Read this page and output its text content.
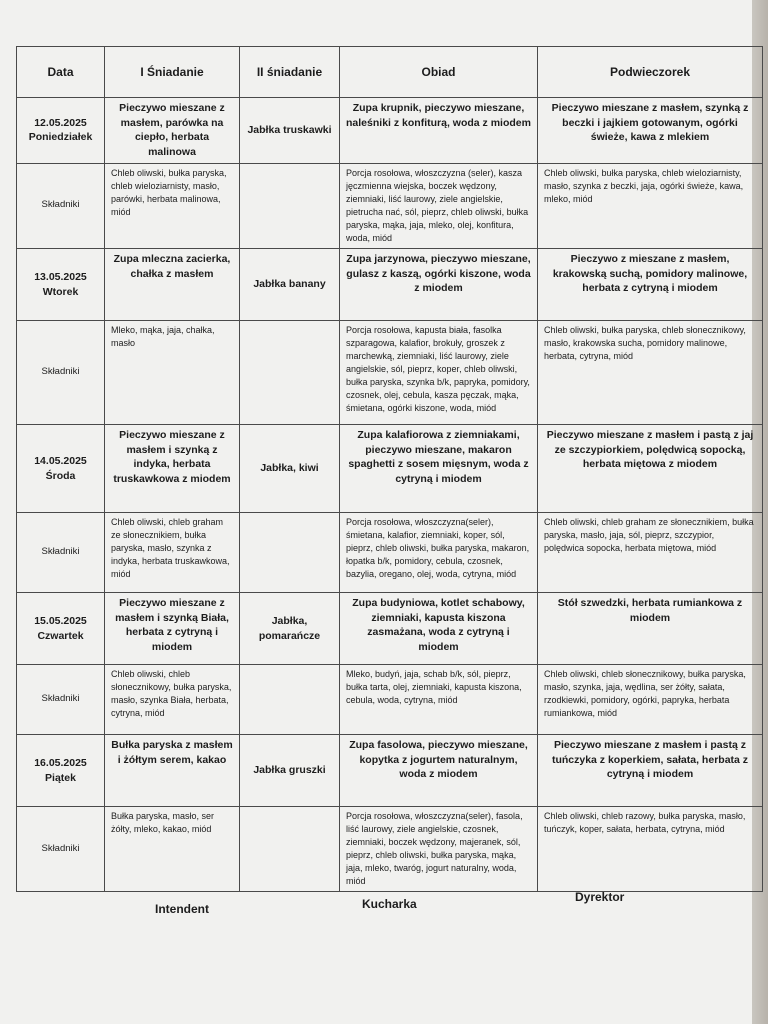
Data	I Śniadanie	II śniadanie	Obiad	Podwieczorek

12.05.2025
Poniedziałek	Pieczywo mieszane z masłem, parówka na ciepło, herbata malinowa	Jabłka truskawki	Zupa krupnik, pieczywo mieszane, naleśniki z konfiturą, woda z miodem	Pieczywo mieszane z masłem, szynką z beczki i jajkiem gotowanym, ogórki świeże, kawa z mlekiem
Składniki	Chleb oliwski, bułka paryska, chleb wieloziarnisty, masło, parówki, herbata malinowa, miód		Porcja rosołowa, włoszczyzna (seler), kasza jęczmienna wiejska, boczek wędzony, ziemniaki, liść laurowy, ziele angielskie, pietrucha nać, sól, pieprz, chleb oliwski, bułka paryska, mąka, jaja, mleko, olej, konfitura, woda, miód	Chleb oliwski, bułka paryska, chleb wieloziarnisty, masło, szynka z beczki, jaja, ogórki świeże, kawa, mleko, miód

13.05.2025
Wtorek	Zupa mleczna zacierka, chałka z masłem	Jabłka banany	Zupa jarzynowa, pieczywo mieszane, gulasz z kaszą, ogórki kiszone, woda z miodem	Pieczywo z mieszane z masłem, krakowską suchą, pomidory malinowe, herbata z cytryną i miodem
Składniki	Mleko, mąka, jaja, chałka, masło		Porcja rosołowa, kapusta biała, fasolka szparagowa, kalafior, brokuły, groszek z marchewką, ziemniaki, liść laurowy, ziele angielskie, sól, pieprz, koper, chleb oliwski, bułka paryska, szynka b/k, papryka, pomidory, czosnek, olej, cebula, kasza pęczak, mąka, śmietana, ogórki kiszone, woda, miód	Chleb oliwski, bułka paryska, chleb słonecznikowy, masło, krakowska sucha, pomidory malinowe, herbata, cytryna, miód

14.05.2025
Środa	Pieczywo mieszane z masłem i szynką z indyka, herbata truskawkowa z miodem	Jabłka, kiwi	Zupa kalafiorowa z ziemniakami, pieczywo mieszane, makaron spaghetti z sosem mięsnym, woda z cytryną i miodem	Pieczywo mieszane z masłem i pastą z jaj ze szczypiorkiem, polędwicą sopocką, herbata miętowa z miodem
Składniki	Chleb oliwski, chleb graham ze słonecznikiem, bułka paryska, masło, szynka z indyka, herbata truskawkowa, miód		Porcja rosołowa, włoszczyzna(seler), śmietana, kalafior, ziemniaki, koper, sól, pieprz, chleb oliwski, bułka paryska, makaron, łopatka b/k, pomidory, cebula, czosnek, bazylia, oregano, olej, woda, cytryna, miód	Chleb oliwski, chleb graham ze słonecznikiem, bułka paryska, masło, jaja, sól, pieprz, szczypior, polędwica sopocka, herbata miętowa, miód

15.05.2025
Czwartek	Pieczywo mieszane z masłem i szynką Biała, herbata z cytryną i miodem	Jabłka, pomarańcze	Zupa budyniowa, kotlet schabowy, ziemniaki, kapusta kiszona zasmażana, woda z cytryną i miodem	Stół szwedzki, herbata rumiankowa z miodem
Składniki	Chleb oliwski, chleb słonecznikowy, bułka paryska, masło, szynka Biała, herbata, cytryna, miód		Mleko, budyń, jaja, schab b/k, sól, pieprz, bułka tarta, olej, ziemniaki, kapusta kiszona, cebula, woda, cytryna, miód	Chleb oliwski, chleb słonecznikowy, bułka paryska, masło, szynka, jaja, wędlina, ser żółty, sałata, rzodkiewki, pomidory, ogórki, papryka, herbata rumiankowa, miód

16.05.2025
Piątek	Bułka paryska z masłem i żółtym serem, kakao	Jabłka gruszki	Zupa fasolowa, pieczywo mieszane, kopytka z jogurtem naturalnym, woda z miodem	Pieczywo mieszane z masłem i pastą z tuńczyka z koperkiem, sałata, herbata z cytryną i miodem
Składniki	Bułka paryska, masło, ser żółty, mleko, kakao, miód		Porcja rosołowa, włoszczyzna(seler), fasola, liść laurowy, ziele angielskie, czosnek, ziemniaki, boczek wędzony, majeranek, sól, pieprz, chleb oliwski, bułka paryska, mąka, jaja, mleko, twaróg, jogurt naturalny, woda, miód	Chleb oliwski, chleb razowy, bułka paryska, masło, tuńczyk, koper, sałata, herbata, cytryna, miód
Intendent	Kucharka	Dyrektor
